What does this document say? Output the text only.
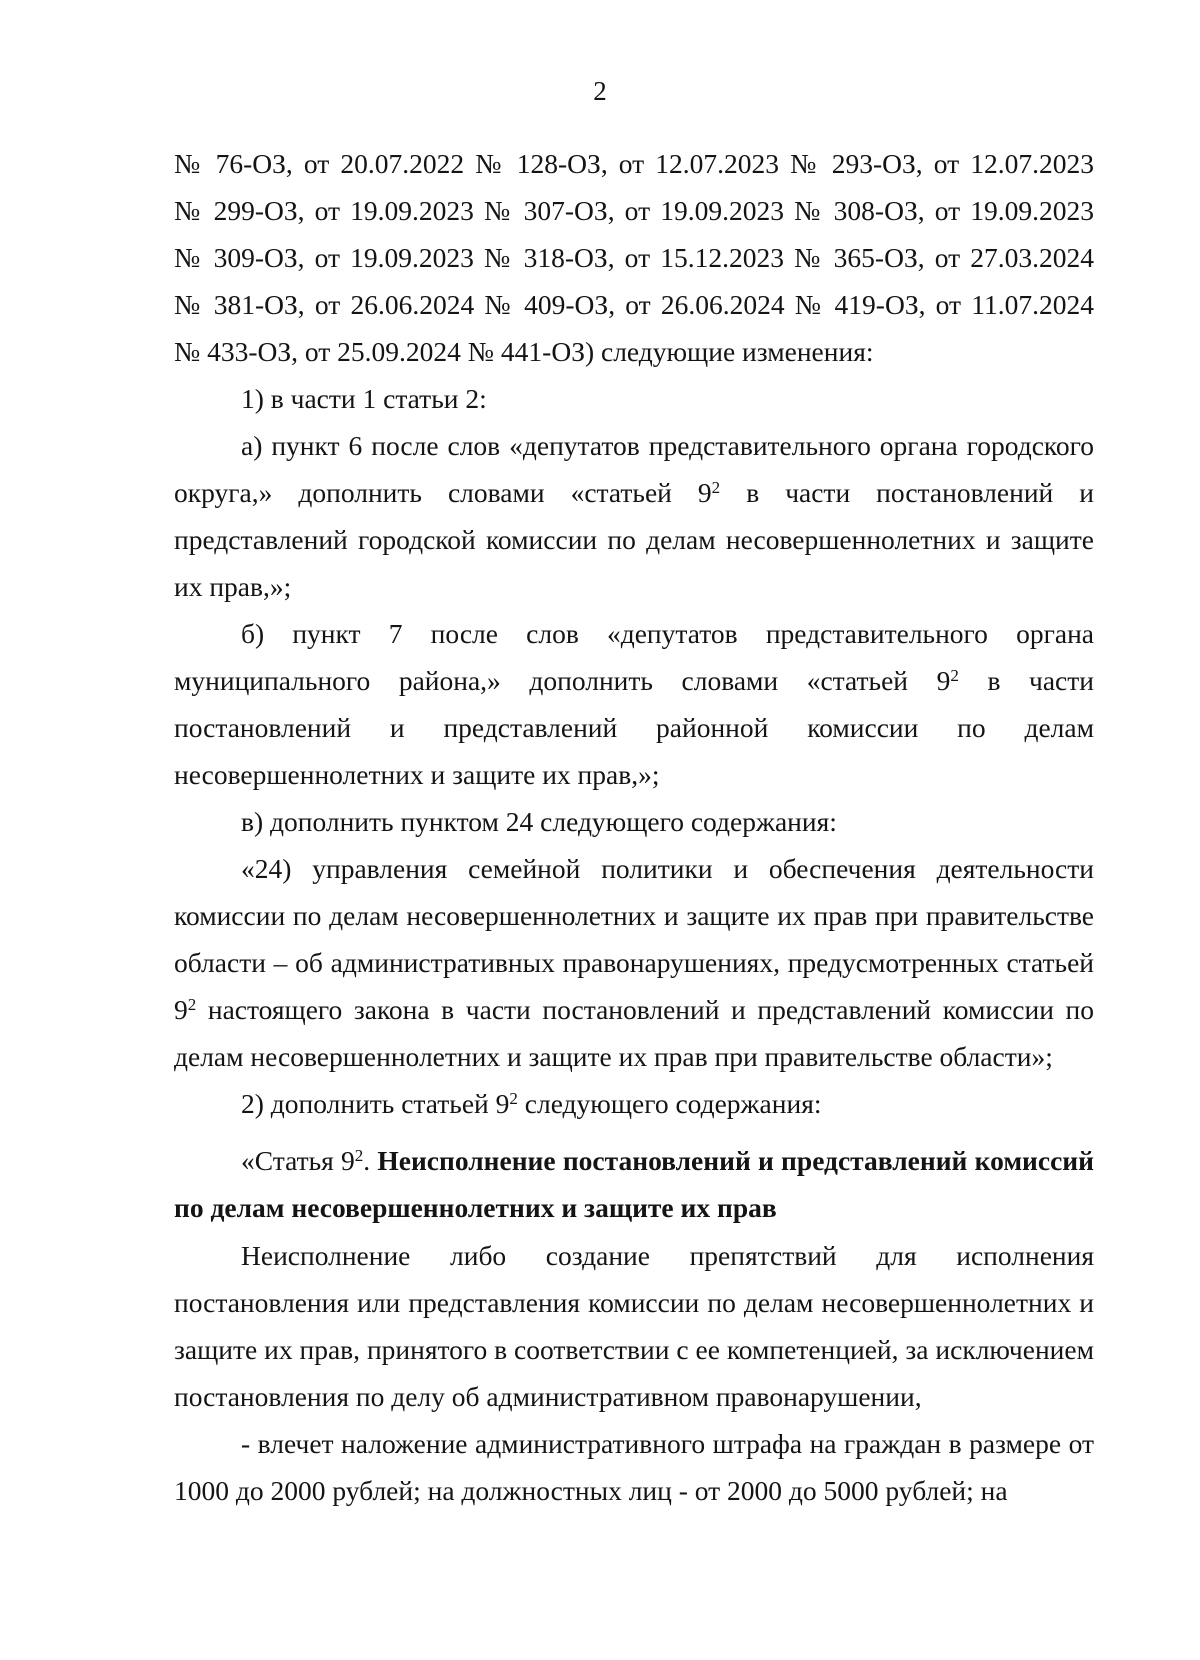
2

№ 76-ОЗ, от 20.07.2022 № 128-ОЗ, от 12.07.2023 № 293-ОЗ, от 12.07.2023
№ 299-ОЗ, от 19.09.2023 № 307-ОЗ, от 19.09.2023 № 308-ОЗ, от 19.09.2023
№ 309-ОЗ, от 19.09.2023 № 318-ОЗ, от 15.12.2023 № 365-ОЗ, от 27.03.2024
№ 381-ОЗ, от 26.06.2024 № 409-ОЗ, от 26.06.2024 № 419-ОЗ, от 11.07.2024
№ 433-ОЗ, от 25.09.2024 № 441-ОЗ) следующие изменения:

1) в части 1 статьи 2:

а) пункт 6 после слов «депутатов представительного органа городского округа,» дополнить словами «статьей $9^2$ в части постановлений и представлений городской комиссии по делам несовершеннолетних и защите их прав,»;

б) пункт 7 после слов «депутатов представительного органа муниципального района,» дополнить словами «статьей $9^2$ в части постановлений и представлений районной комиссии по делам несовершеннолетних и защите их прав,»;

в) дополнить пунктом 24 следующего содержания:

«24) управления семейной политики и обеспечения деятельности комиссии по делам несовершеннолетних и защите их прав при правительстве области – об административных правонарушениях, предусмотренных статьей $9^2$ настоящего закона в части постановлений и представлений комиссии по делам несовершеннолетних и защите их прав при правительстве области»;

2) дополнить статьей $9^2$ следующего содержания:

«Статья $9^2$. Неисполнение постановлений и представлений комиссий по делам несовершеннолетних и защите их прав

Неисполнение либо создание препятствий для исполнения постановления или представления комиссии по делам несовершеннолетних и защите их прав, принятого в соответствии с ее компетенцией, за исключением постановления по делу об административном правонарушении,

- влечет наложение административного штрафа на граждан в размере от 1000 до 2000 рублей; на должностных лиц - от 2000 до 5000 рублей; на
